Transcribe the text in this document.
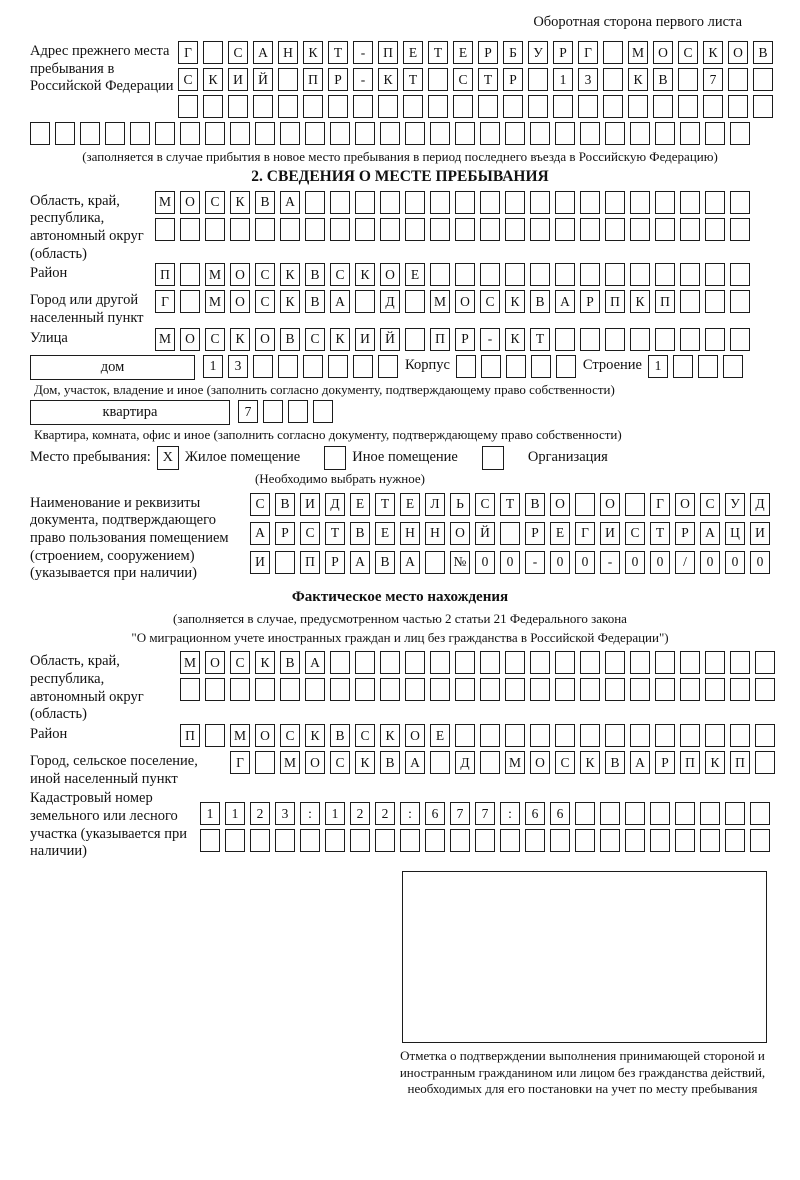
Оборотная сторона первого листа
Адрес прежнего места пребывания в Российской Федерации
Г	С	А	Н	К	Т	-	П	Е	Т	Е	Р	Б	У	Р	Г	М	О	С	К	О	В
С	К	И	Й	П	Р	-	К	Т	С	Т	Р	1	3	К	В	7
(заполняется в случае прибытия в новое место пребывания в период последнего въезда в Российскую Федерацию)
2. СВЕДЕНИЯ О МЕСТЕ ПРЕБЫВАНИЯ
Область, край, республика, автономный округ (область)
М	О	С	К	В	А
Район	П	М	О	С	К	В	С	К	О	Е
Город или другой населенный пункт
Г	М	О	С	К	В	А	Д	М	О	С	К	В	А	Р	П	К	П
Улица	М	О	С	К	О	В	С	К	И	Й	П	Р	-	К	Т
дом	1	3	Корпус	Строение 1
Дом, участок, владение и иное (заполнить согласно документу, подтверждающему право собственности)
квартира	7
Квартира, комната, офис и иное (заполнить согласно документу, подтверждающему право собственности)
Место пребывания: X Жилое помещение	Иное помещение	Организация
(Необходимо выбрать нужное)
Наименование и реквизиты документа, подтверждающего право пользования помещением (строением, сооружением) (указывается при наличии)
С	В	И	Д	Е	Т	Е	Л	Ь	С	Т	В	О	О	Г	О	С	У	Д
А	Р	С	Т	В	Е	Н	Н	О	Й	Р	Е	Г	И	С	Т	Р	А	Ц	И
И	П	Р	А	В	А	№	0	0	-	0	0	-	0	0	/	0	0	0
Фактическое место нахождения
(заполняется в случае, предусмотренном частью 2 статьи 21 Федерального закона
"О миграционном учете иностранных граждан и лиц без гражданства в Российской Федерации")
Область, край, республика, автономный округ (область)
М	О	С	К	В	А
Район	П	М	О	С	К	В	С	К	О	Е
Город, сельское поселение, иной населенный пункт
Г	М	О	С	К	В	А	Д	М	О	С	К	В	А	Р	П	К	П
Кадастровый номер земельного или лесного участка (указывается при наличии)
1	1	2	3	:	1	2	2	:	6	7	7	:	6	6
Отметка о подтверждении выполнения принимающей стороной и иностранным гражданином или лицом без гражданства действий, необходимых для его постановки на учет по месту пребывания
